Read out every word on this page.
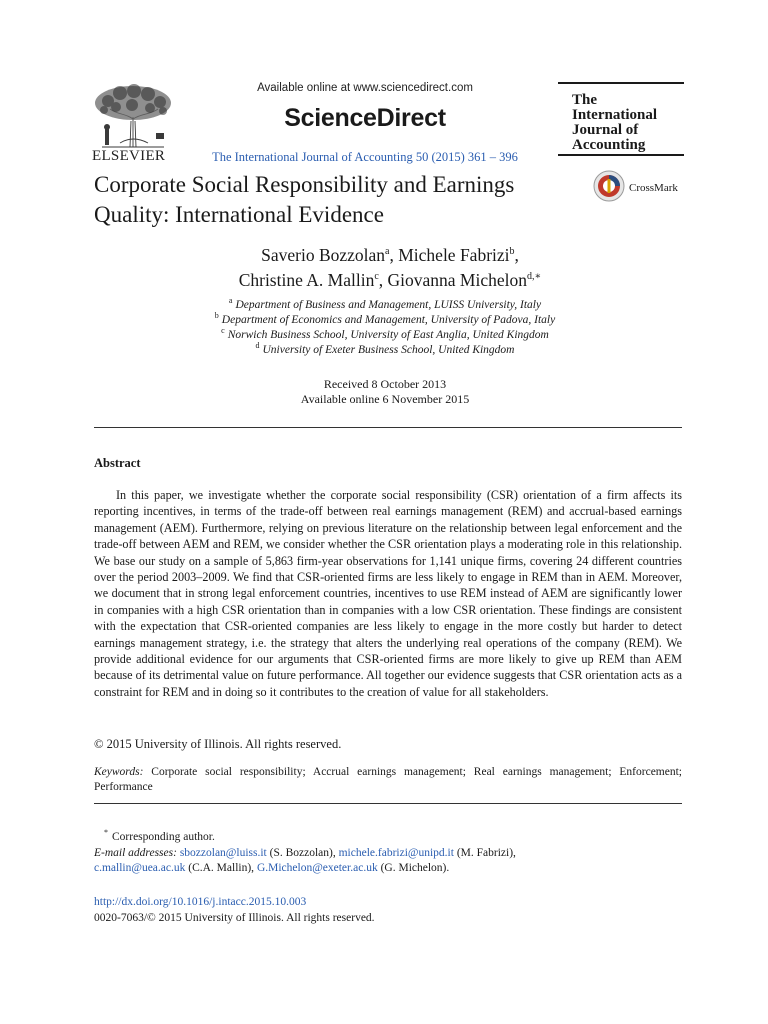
ELSEVIER
Available online at www.sciencedirect.com
ScienceDirect
The International Journal of Accounting 50 (2015) 361 – 396
The
International
Journal of
Accounting
CrossMark
Corporate Social Responsibility and Earnings Quality: International Evidence
Saverio Bozzolan$^a$, Michele Fabrizi$^b$,
Christine A. Mallin$^c$, Giovanna Michelon$^{d,∗}$
$^a$ Department of Business and Management, LUISS University, Italy
$^b$ Department of Economics and Management, University of Padova, Italy
$^c$ Norwich Business School, University of East Anglia, United Kingdom
$^d$ University of Exeter Business School, United Kingdom
Received 8 October 2013
Available online 6 November 2015
Abstract
In this paper, we investigate whether the corporate social responsibility (CSR) orientation of a firm affects its reporting incentives, in terms of the trade-off between real earnings management (REM) and accrual-based earnings management (AEM). Furthermore, relying on previous literature on the relationship between legal enforcement and the trade-off between AEM and REM, we consider whether the CSR orientation plays a moderating role in this relationship. We base our study on a sample of 5,863 firm-year observations for 1,141 unique firms, covering 24 different countries over the period 2003–2009. We find that CSR-oriented firms are less likely to engage in REM than in AEM. Moreover, we document that in strong legal enforcement countries, incentives to use REM instead of AEM are significantly lower in companies with a high CSR orientation than in companies with a low CSR orientation. These findings are consistent with the expectation that CSR-oriented companies are less likely to engage in the more costly but harder to detect earnings management strategy, i.e. the strategy that alters the underlying real operations of the company (REM). We provide additional evidence for our arguments that CSR-oriented firms are more likely to give up REM than AEM because of its detrimental value on future performance. All together our evidence suggests that CSR orientation acts as a constraint for REM and in doing so it contributes to the creation of value for all stakeholders.
© 2015 University of Illinois. All rights reserved.
Keywords: Corporate social responsibility; Accrual earnings management; Real earnings management; Enforcement; Performance
* Corresponding author.
E-mail addresses: sbozzolan@luiss.it (S. Bozzolan), michele.fabrizi@unipd.it (M. Fabrizi),
c.mallin@uea.ac.uk (C.A. Mallin), G.Michelon@exeter.ac.uk (G. Michelon).
http://dx.doi.org/10.1016/j.intacc.2015.10.003
0020-7063/© 2015 University of Illinois. All rights reserved.
